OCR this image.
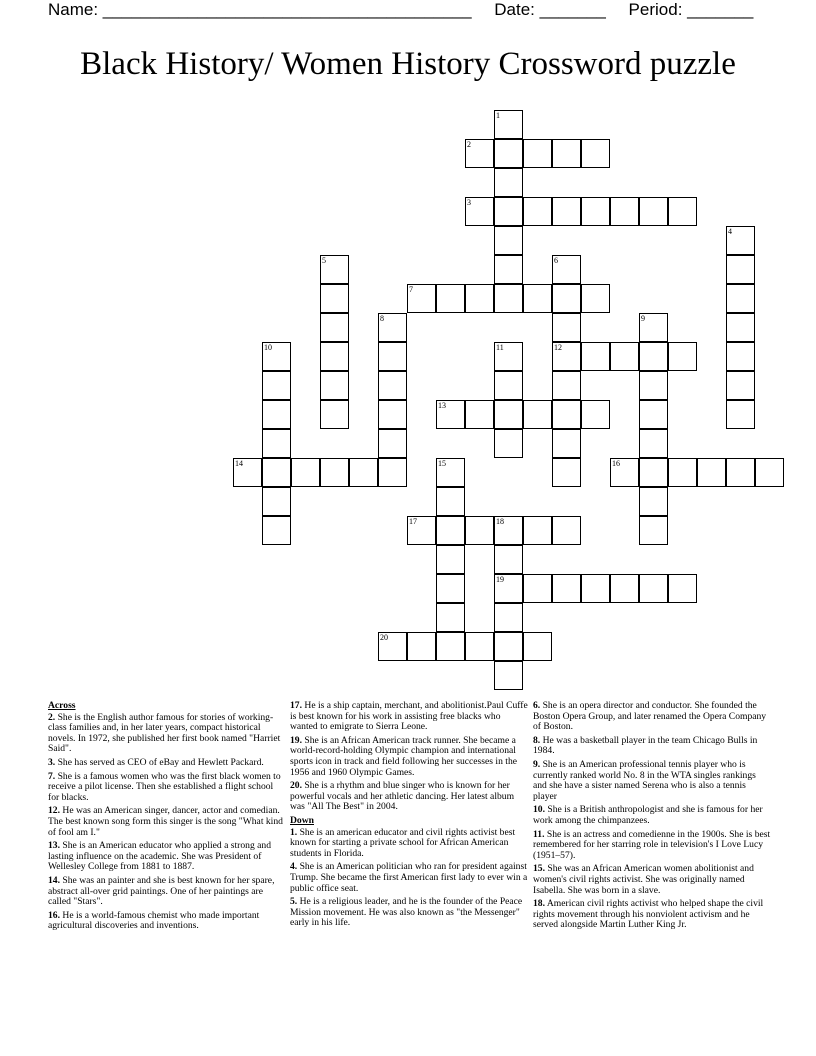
Name: _______________________________________ Date: _______ Period: _______
Black History/ Women History Crossword puzzle
1
2
3
4
5	6
12
7
8	9
10	11
13
14	15	16
17	18
19
20
Across

2. She is the English author famous for stories of working-class families and, in her later years, compact historical novels. In 1972, she published her first book named "Harriet Said".

3. She has served as CEO of eBay and Hewlett Packard.

7. She is a famous women who was the first black women to receive a pilot license. Then she established a flight school for blacks.

12. He was an American singer, dancer, actor and comedian. The best known song form this singer is the song "What kind of fool am I."

13. She is an American educator who applied a strong and lasting influence on the academic. She was President of Wellesley College from 1881 to 1887.

14. She was an painter and she is best known for her spare, abstract all-over grid paintings. One of her paintings are called "Stars".

16. He is a world-famous chemist who made important agricultural discoveries and inventions.

17. He is a ship captain, merchant, and abolitionist.Paul Cuffe is best known for his work in assisting free blacks who wanted to emigrate to Sierra Leone.

19. She is an African American track runner. She became a world-record-holding Olympic champion and international sports icon in track and field following her successes in the 1956 and 1960 Olympic Games.

20. She is a rhythm and blue singer who is known for her powerful vocals and her athletic dancing. Her latest album was "All The Best" in 2004.

Down

1. She is an american educator and civil rights activist best known for starting a private school for African American students in Florida.

4. She is an American politician who ran for president against Trump. She became the first American first lady to ever win a public office seat.

5. He is a religious leader, and he is the founder of the Peace Mission movement. He was also known as "the Messenger" early in his life.

6. She is an opera director and conductor. She founded the Boston Opera Group, and later renamed the Opera Company of Boston.

8. He was a basketball player in the team Chicago Bulls in 1984.

9. She is an American professional tennis player who is currently ranked world No. 8 in the WTA singles rankings and she have a sister named Serena who is also a tennis player

10. She is a British anthropologist and she is famous for her work among the chimpanzees.

11. She is an actress and comedienne in the 1900s. She is best remembered for her starring role in television's I Love Lucy (1951–57).

15. She was an African American women abolitionist and women's civil rights activist. She was originally named Isabella. She was born in a slave.

18. American civil rights activist who helped shape the civil rights movement through his nonviolent activism and he served alongside Martin Luther King Jr.
